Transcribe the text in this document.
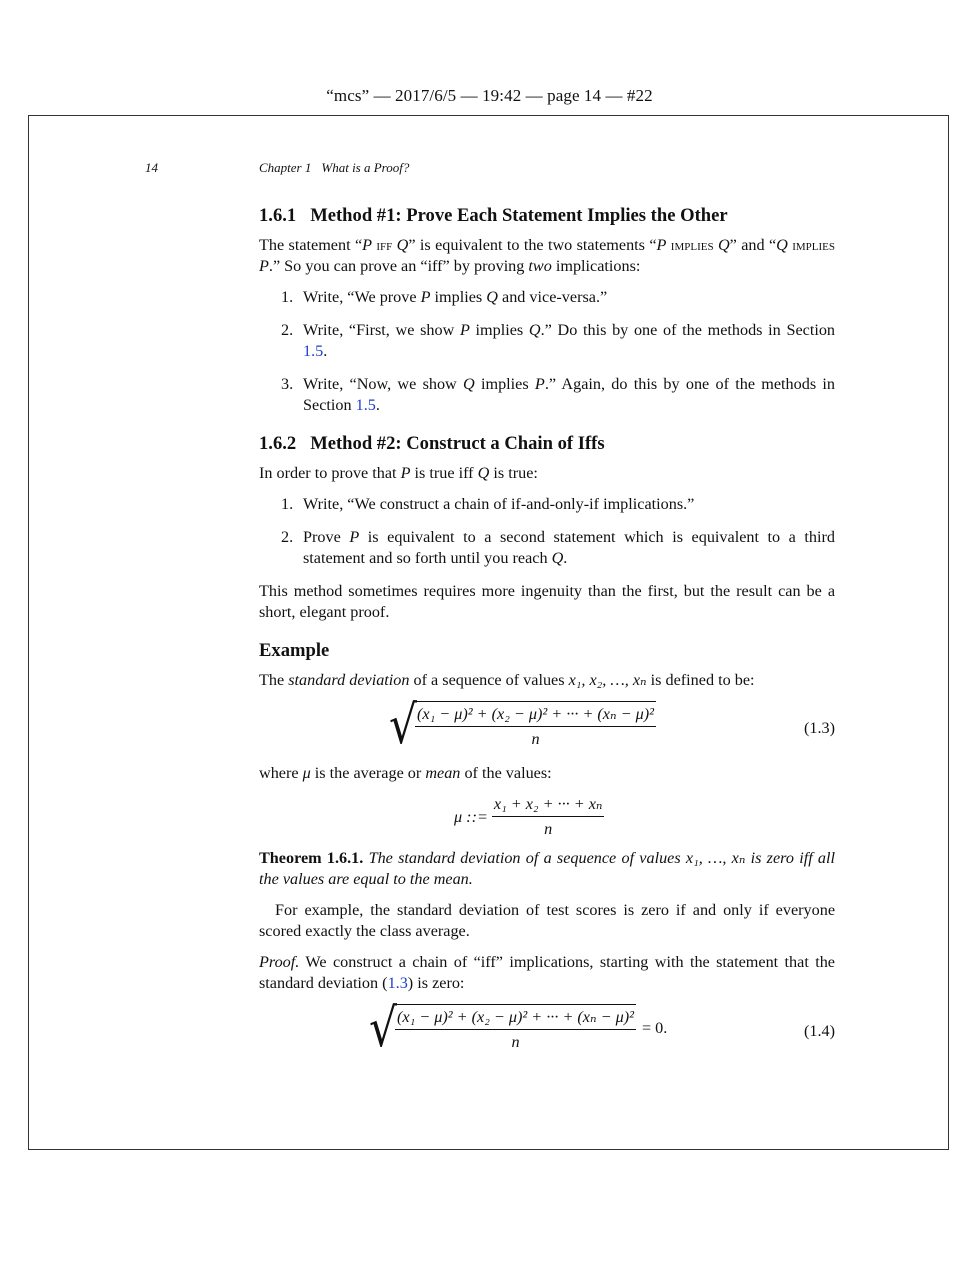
“mcs” — 2017/6/5 — 19:42 — page 14 — #22
14	Chapter 1 What is a Proof?
1.6.1 Method #1: Prove Each Statement Implies the Other

The statement “P iff Q” is equivalent to the two statements “P implies Q” and “Q implies P.” So you can prove an “iff” by proving two implications:

1. Write, “We prove P implies Q and vice-versa.”
2. Write, “First, we show P implies Q.” Do this by one of the methods in Section 1.5.
3. Write, “Now, we show Q implies P.” Again, do this by one of the methods in Section 1.5.
1.6.2 Method #2: Construct a Chain of Iffs

In order to prove that P is true iff Q is true:

1. Write, “We construct a chain of if-and-only-if implications.”
2. Prove P is equivalent to a second statement which is equivalent to a third statement and so forth until you reach Q.

This method sometimes requires more ingenuity than the first, but the result can be a short, elegant proof.

Example

The standard deviation of a sequence of values x₁, x₂, …, xₙ is defined to be:

√
$\frac{\text{(x₁ − μ)² + (x₂ − μ)² + ··· + (xₙ − μ)²}}{n}$	(1.3)

where μ is the average or mean of the values:

μ ::= $\frac{\text{x₁ + x₂ + ··· + xₙ}}{n}$

Theorem 1.6.1. The standard deviation of a sequence of values x₁, …, xₙ is zero iff all the values are equal to the mean.

For example, the standard deviation of test scores is zero if and only if everyone scored exactly the class average.

Proof. We construct a chain of “iff” implications, starting with the statement that the standard deviation (1.3) is zero:

√
$\frac{\text{(x₁ − μ)² + (x₂ − μ)² + ··· + (xₙ − μ)²}}{n} = 0$.	(1.4)
